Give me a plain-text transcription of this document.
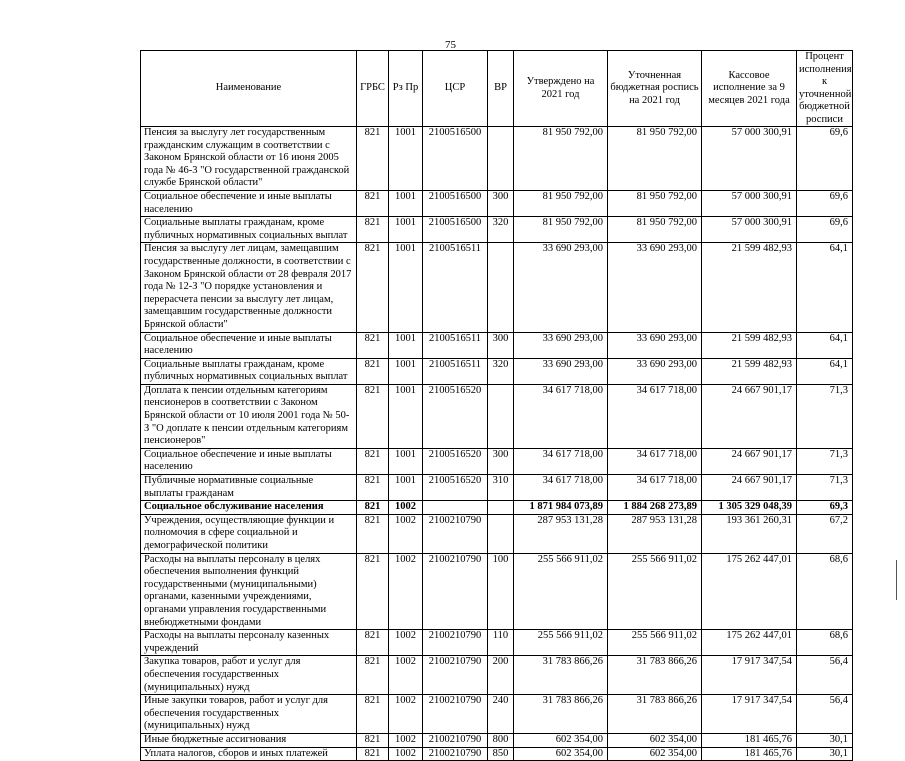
75
Наименование	ГРБС	Рз Пр	ЦСР	ВР	Утверждено на 2021 год	Уточненная бюджетная роспись на 2021 год	Кассовое исполнение за 9 месяцев 2021 года	Процент исполнения к уточненной бюджетной росписи
Пенсия за выслугу лет государственным гражданским служащим в соответствии с Законом Брянской области от 16 июня 2005 года № 46-3 "О государственной гражданской службе Брянской области"	821	1001	2100516500		81 950 792,00	81 950 792,00	57 000 300,91	69,6
Социальное обеспечение и иные выплаты населению	821	1001	2100516500	300	81 950 792,00	81 950 792,00	57 000 300,91	69,6
Социальные выплаты гражданам, кроме публичных нормативных социальных выплат	821	1001	2100516500	320	81 950 792,00	81 950 792,00	57 000 300,91	69,6
Пенсия за выслугу лет лицам, замещавшим государственные должности, в соответствии с Законом Брянской области от 28 февраля 2017 года № 12-З "О порядке установления и перерасчета пенсии за выслугу лет лицам, замещавшим государственные должности Брянской области"	821	1001	2100516511		33 690 293,00	33 690 293,00	21 599 482,93	64,1
Социальное обеспечение и иные выплаты населению	821	1001	2100516511	300	33 690 293,00	33 690 293,00	21 599 482,93	64,1
Социальные выплаты гражданам, кроме публичных нормативных социальных выплат	821	1001	2100516511	320	33 690 293,00	33 690 293,00	21 599 482,93	64,1
Доплата к пенсии отдельным категориям пенсионеров в соответствии с Законом Брянской области от 10 июля 2001 года № 50-З "О доплате к пенсии отдельным категориям пенсионеров"	821	1001	2100516520		34 617 718,00	34 617 718,00	24 667 901,17	71,3
Социальное обеспечение и иные выплаты населению	821	1001	2100516520	300	34 617 718,00	34 617 718,00	24 667 901,17	71,3
Публичные нормативные социальные выплаты гражданам	821	1001	2100516520	310	34 617 718,00	34 617 718,00	24 667 901,17	71,3
Социальное обслуживание населения	821	1002			1 871 984 073,89	1 884 268 273,89	1 305 329 048,39	69,3
Учреждения, осуществляющие функции и полномочия в сфере социальной и демографической политики	821	1002	2100210790		287 953 131,28	287 953 131,28	193 361 260,31	67,2
Расходы на выплаты персоналу в целях обеспечения выполнения функций государственными (муниципальными) органами, казенными учреждениями, органами управления государственными внебюджетными фондами	821	1002	2100210790	100	255 566 911,02	255 566 911,02	175 262 447,01	68,6
Расходы на выплаты персоналу казенных учреждений	821	1002	2100210790	110	255 566 911,02	255 566 911,02	175 262 447,01	68,6
Закупка товаров, работ и услуг для обеспечения государственных (муниципальных) нужд	821	1002	2100210790	200	31 783 866,26	31 783 866,26	17 917 347,54	56,4
Иные закупки товаров, работ и услуг для обеспечения государственных (муниципальных) нужд	821	1002	2100210790	240	31 783 866,26	31 783 866,26	17 917 347,54	56,4
Иные бюджетные ассигнования	821	1002	2100210790	800	602 354,00	602 354,00	181 465,76	30,1
Уплата налогов, сборов и иных платежей	821	1002	2100210790	850	602 354,00	602 354,00	181 465,76	30,1
